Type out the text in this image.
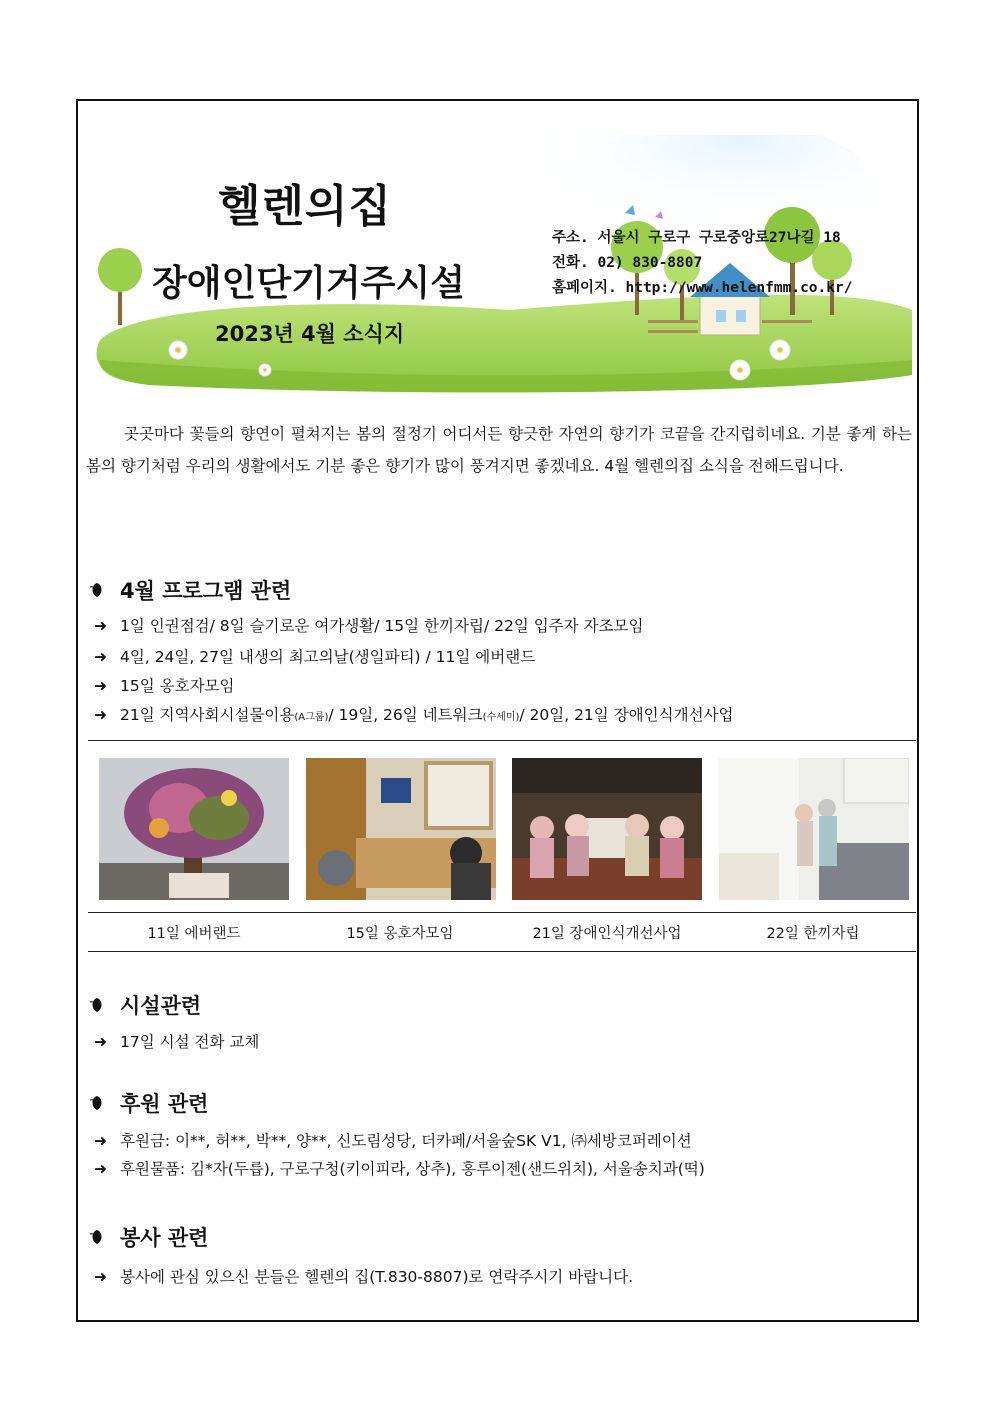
헬렌의집
장애인단기거주시설
2023년 4월 소식지
주소. 서울시 구로구 구로중앙로27나길 18
전화. 02) 830-8807
홈페이지. http://www.helenfmm.co.kr/
곳곳마다 꽃들의 향연이 펼쳐지는 봄의 절정기 어디서든 향긋한 자연의 향기가 코끝을 간지럽히네요. 기분 좋게 하는 봄의 향기처럼 우리의 생활에서도 기분 좋은 향기가 많이 풍겨지면 좋겠네요. 4월 헬렌의집 소식을 전해드립니다.
4월 프로그램 관련
➜ 1일 인권점검/ 8일 슬기로운 여가생활/ 15일 한끼자립/ 22일 입주자 자조모임
➜ 4일, 24일, 27일 내생의 최고의날(생일파티) / 11일 에버랜드
➜ 15일 옹호자모임
➜ 21일 지역사회시설물이용(A그룹)/ 19일, 26일 네트워크(수세미)/ 20일, 21일 장애인식개선사업
11일 에버랜드	15일 옹호자모임	21일 장애인식개선사업	22일 한끼자립
시설관련
➜ 17일 시설 전화 교체
후원 관련
➜ 후원금: 이**, 허**, 박**, 양**, 신도림성당, 더카페/서울숲SK V1, ㈜세방코퍼레이션
➜ 후원물품: 김*자(두릅), 구로구청(키이피라, 상추), 홍루이젠(샌드위치), 서울송치과(떡)
봉사 관련
➜ 봉사에 관심 있으신 분들은 헬렌의 집(T.830-8807)로 연락주시기 바랍니다.
